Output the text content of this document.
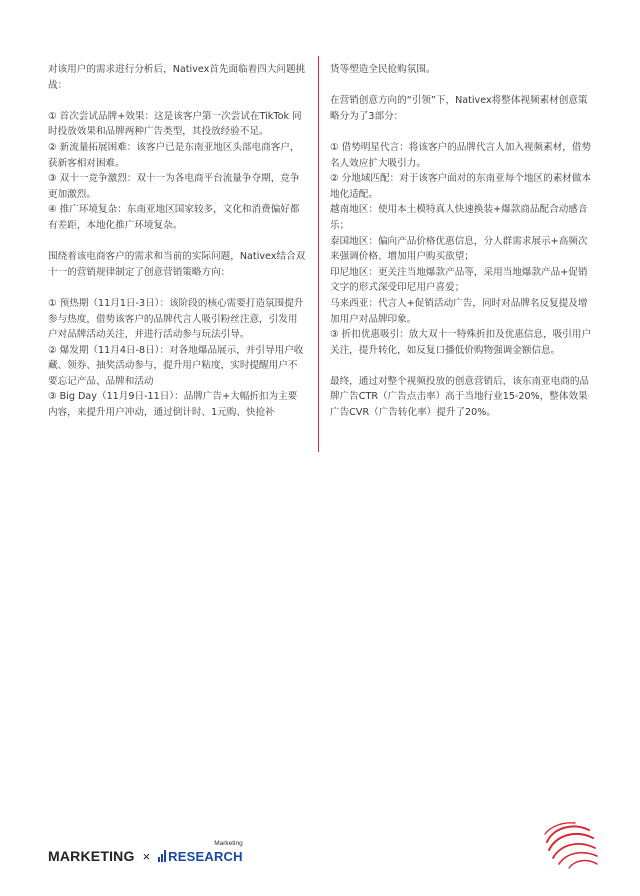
对该用户的需求进行分析后，Nativex首先面临着四大问题挑战：

① 首次尝试品牌+效果：这是该客户第一次尝试在TikTok 同时投放效果和品牌两种广告类型，其投放经验不足。

② 新流量拓展困难：该客户已是东南亚地区头部电商客户，获新客相对困难。

③ 双十一竞争激烈：双十一为各电商平台流量争夺期，竞争更加激烈。

④ 推广环境复杂：东南亚地区国家较多，文化和消费偏好都有差距，本地化推广环境复杂。

围绕着该电商客户的需求和当前的实际问题，Nativex结合双十一的营销规律制定了创意营销策略方向：

① 预热期（11月1日-3日）：该阶段的核心需要打造氛围提升参与热度，借势该客户的品牌代言人吸引粉丝注意，引发用户对品牌活动关注，并进行活动参与玩法引导。

② 爆发期（11月4日-8日）：对各地爆品展示，并引导用户收藏、领券、抽奖活动参与，提升用户粘度，实时提醒用户不要忘记产品、品牌和活动

③ Big Day（11月9日-11日）：品牌广告+大幅折扣为主要内容，来提升用户冲动，通过倒计时、1元购、快抢补

货等塑造全民抢购氛围。

在营销创意方向的“引领”下，Nativex将整体视频素材创意策略分为了3部分：

① 借势明星代言：将该客户的品牌代言人加入视频素材，借势名人效应扩大吸引力。

② 分地域匹配：对于该客户面对的东南亚每个地区的素材做本地化适配。

越南地区：使用本土模特真人快速换装+爆款商品配合动感音乐；

泰国地区：偏向产品价格优惠信息，分人群需求展示+高频次来强调价格、增加用户购买欲望；

印尼地区：更关注当地爆款产品等，采用当地爆款产品+促销文字的形式深受印尼用户喜爱；

马来西亚：代言人+促销活动广告，同时对品牌名反复提及增加用户对品牌印象。

③ 折扣优惠吸引：放大双十一特殊折扣及优惠信息，吸引用户关注，提升转化，如反复口播低价购物强调金额信息。

最终，通过对整个视频投放的创意营销后，该东南亚电商的品牌广告CTR（广告点击率）高于当地行业15-20%，整体效果广告CVR（广告转化率）提升了20%。

MARKETING × RESEARCH
Marketing
